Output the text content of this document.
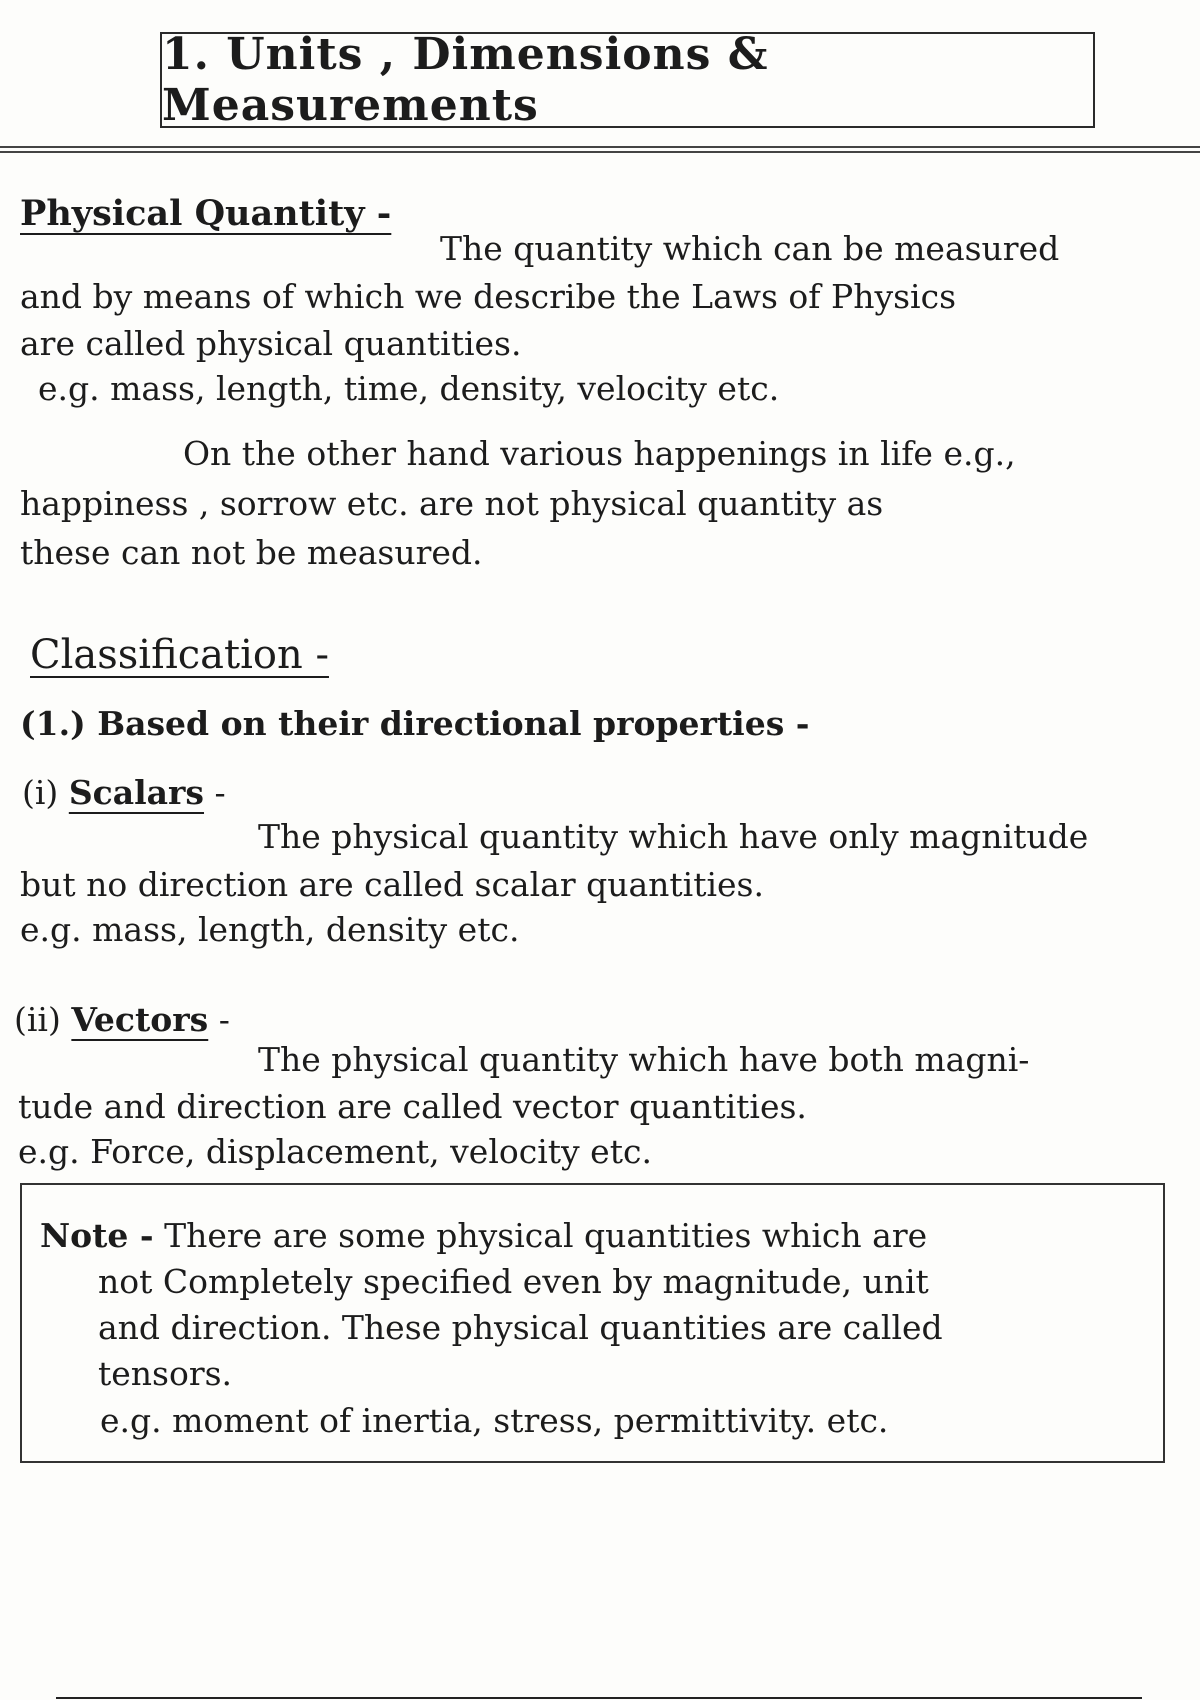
1. Units , Dimensions & Measurements
Physical Quantity -
The quantity which can be measured
and by means of which we describe the Laws of Physics
are called physical quantities.
e.g. mass, length, time, density, velocity etc.
On the other hand various happenings in life e.g.,
happiness , sorrow etc. are not physical quantity as
these can not be measured.
Classification -
(1.) Based on their directional properties -
(i) Scalars -
The physical quantity which have only magnitude
but no direction are called scalar quantities.
e.g. mass, length, density etc.
(ii) Vectors -
The physical quantity which have both magni-
tude and direction are called vector quantities.
e.g. Force, displacement, velocity etc.
Note - There are some physical quantities which are
not Completely specified even by magnitude, unit
and direction. These physical quantities are called
tensors.
e.g. moment of inertia, stress, permittivity. etc.
